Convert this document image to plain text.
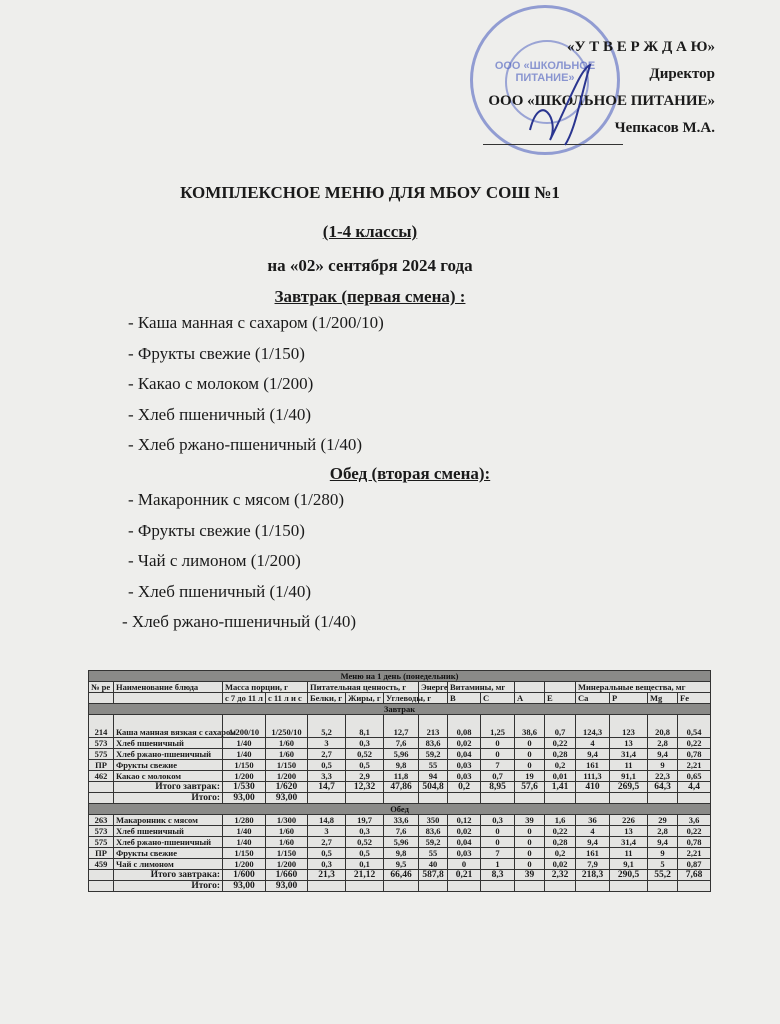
ООО «ШКОЛЬНОЕ ПИТАНИЕ»
«У Т В Е Р Ж Д А Ю»
Директор
ООО «ШКОЛЬНОЕ ПИТАНИЕ»
Чепкасов М.А.
КОМПЛЕКСНОЕ МЕНЮ ДЛЯ МБОУ СОШ №1
(1-4 классы)
на «02» сентября 2024 года
Завтрак (первая смена) :
- Каша манная с сахаром (1/200/10)
- Фрукты свежие (1/150)
- Какао с молоком (1/200)
- Хлеб пшеничный (1/40)
- Хлеб ржано-пшеничный (1/40)
Обед (вторая смена):
- Макаронник с мясом (1/280)
- Фрукты свежие (1/150)
- Чай с лимоном (1/200)
- Хлеб пшеничный (1/40)
- Хлеб ржано-пшеничный (1/40)
Меню на 1 день (понедельник)															
№ ре	Наименование блюда	Масса порции, г		Питательная ценность, г			Энерге	Витамины, мг				Минеральные вещества, мг			
		с 7 до 11 л	с 11 л и с	Белки, г	Жиры, г	Углеводы, г		B	C	A	E	Ca	P	Mg	Fe
Завтрак															
214	Каша манная вязкая с сахаром	1/200/10	1/250/10	5,2	8,1	12,7	213	0,08	1,25	38,6	0,7	124,3	123	20,8	0,54
573	Хлеб пшеничный	1/40	1/60	3	0,3	7,6	83,6	0,02	0	0	0,22	4	13	2,8	0,22
575	Хлеб ржано-пшеничный	1/40	1/60	2,7	0,52	5,96	59,2	0,04	0	0	0,28	9,4	31,4	9,4	0,78
ПР	Фрукты свежие	1/150	1/150	0,5	0,5	9,8	55	0,03	7	0	0,2	161	11	9	2,21
462	Какао с молоком	1/200	1/200	3,3	2,9	11,8	94	0,03	0,7	19	0,01	111,3	91,1	22,3	0,65
	Итого завтрак:	1/530	1/620	14,7	12,32	47,86	504,8	0,2	8,95	57,6	1,41	410	269,5	64,3	4,4
	Итого:	93,00	93,00												
Обед															
263	Макаронник с мясом	1/280	1/300	14,8	19,7	33,6	350	0,12	0,3	39	1,6	36	226	29	3,6
573	Хлеб пшеничный	1/40	1/60	3	0,3	7,6	83,6	0,02	0	0	0,22	4	13	2,8	0,22
575	Хлеб ржано-пшеничный	1/40	1/60	2,7	0,52	5,96	59,2	0,04	0	0	0,28	9,4	31,4	9,4	0,78
ПР	Фрукты свежие	1/150	1/150	0,5	0,5	9,8	55	0,03	7	0	0,2	161	11	9	2,21
459	Чай с лимоном	1/200	1/200	0,3	0,1	9,5	40	0	1	0	0,02	7,9	9,1	5	0,87
	Итого завтрака:	1/600	1/660	21,3	21,12	66,46	587,8	0,21	8,3	39	2,32	218,3	290,5	55,2	7,68
	Итого:	93,00	93,00												
